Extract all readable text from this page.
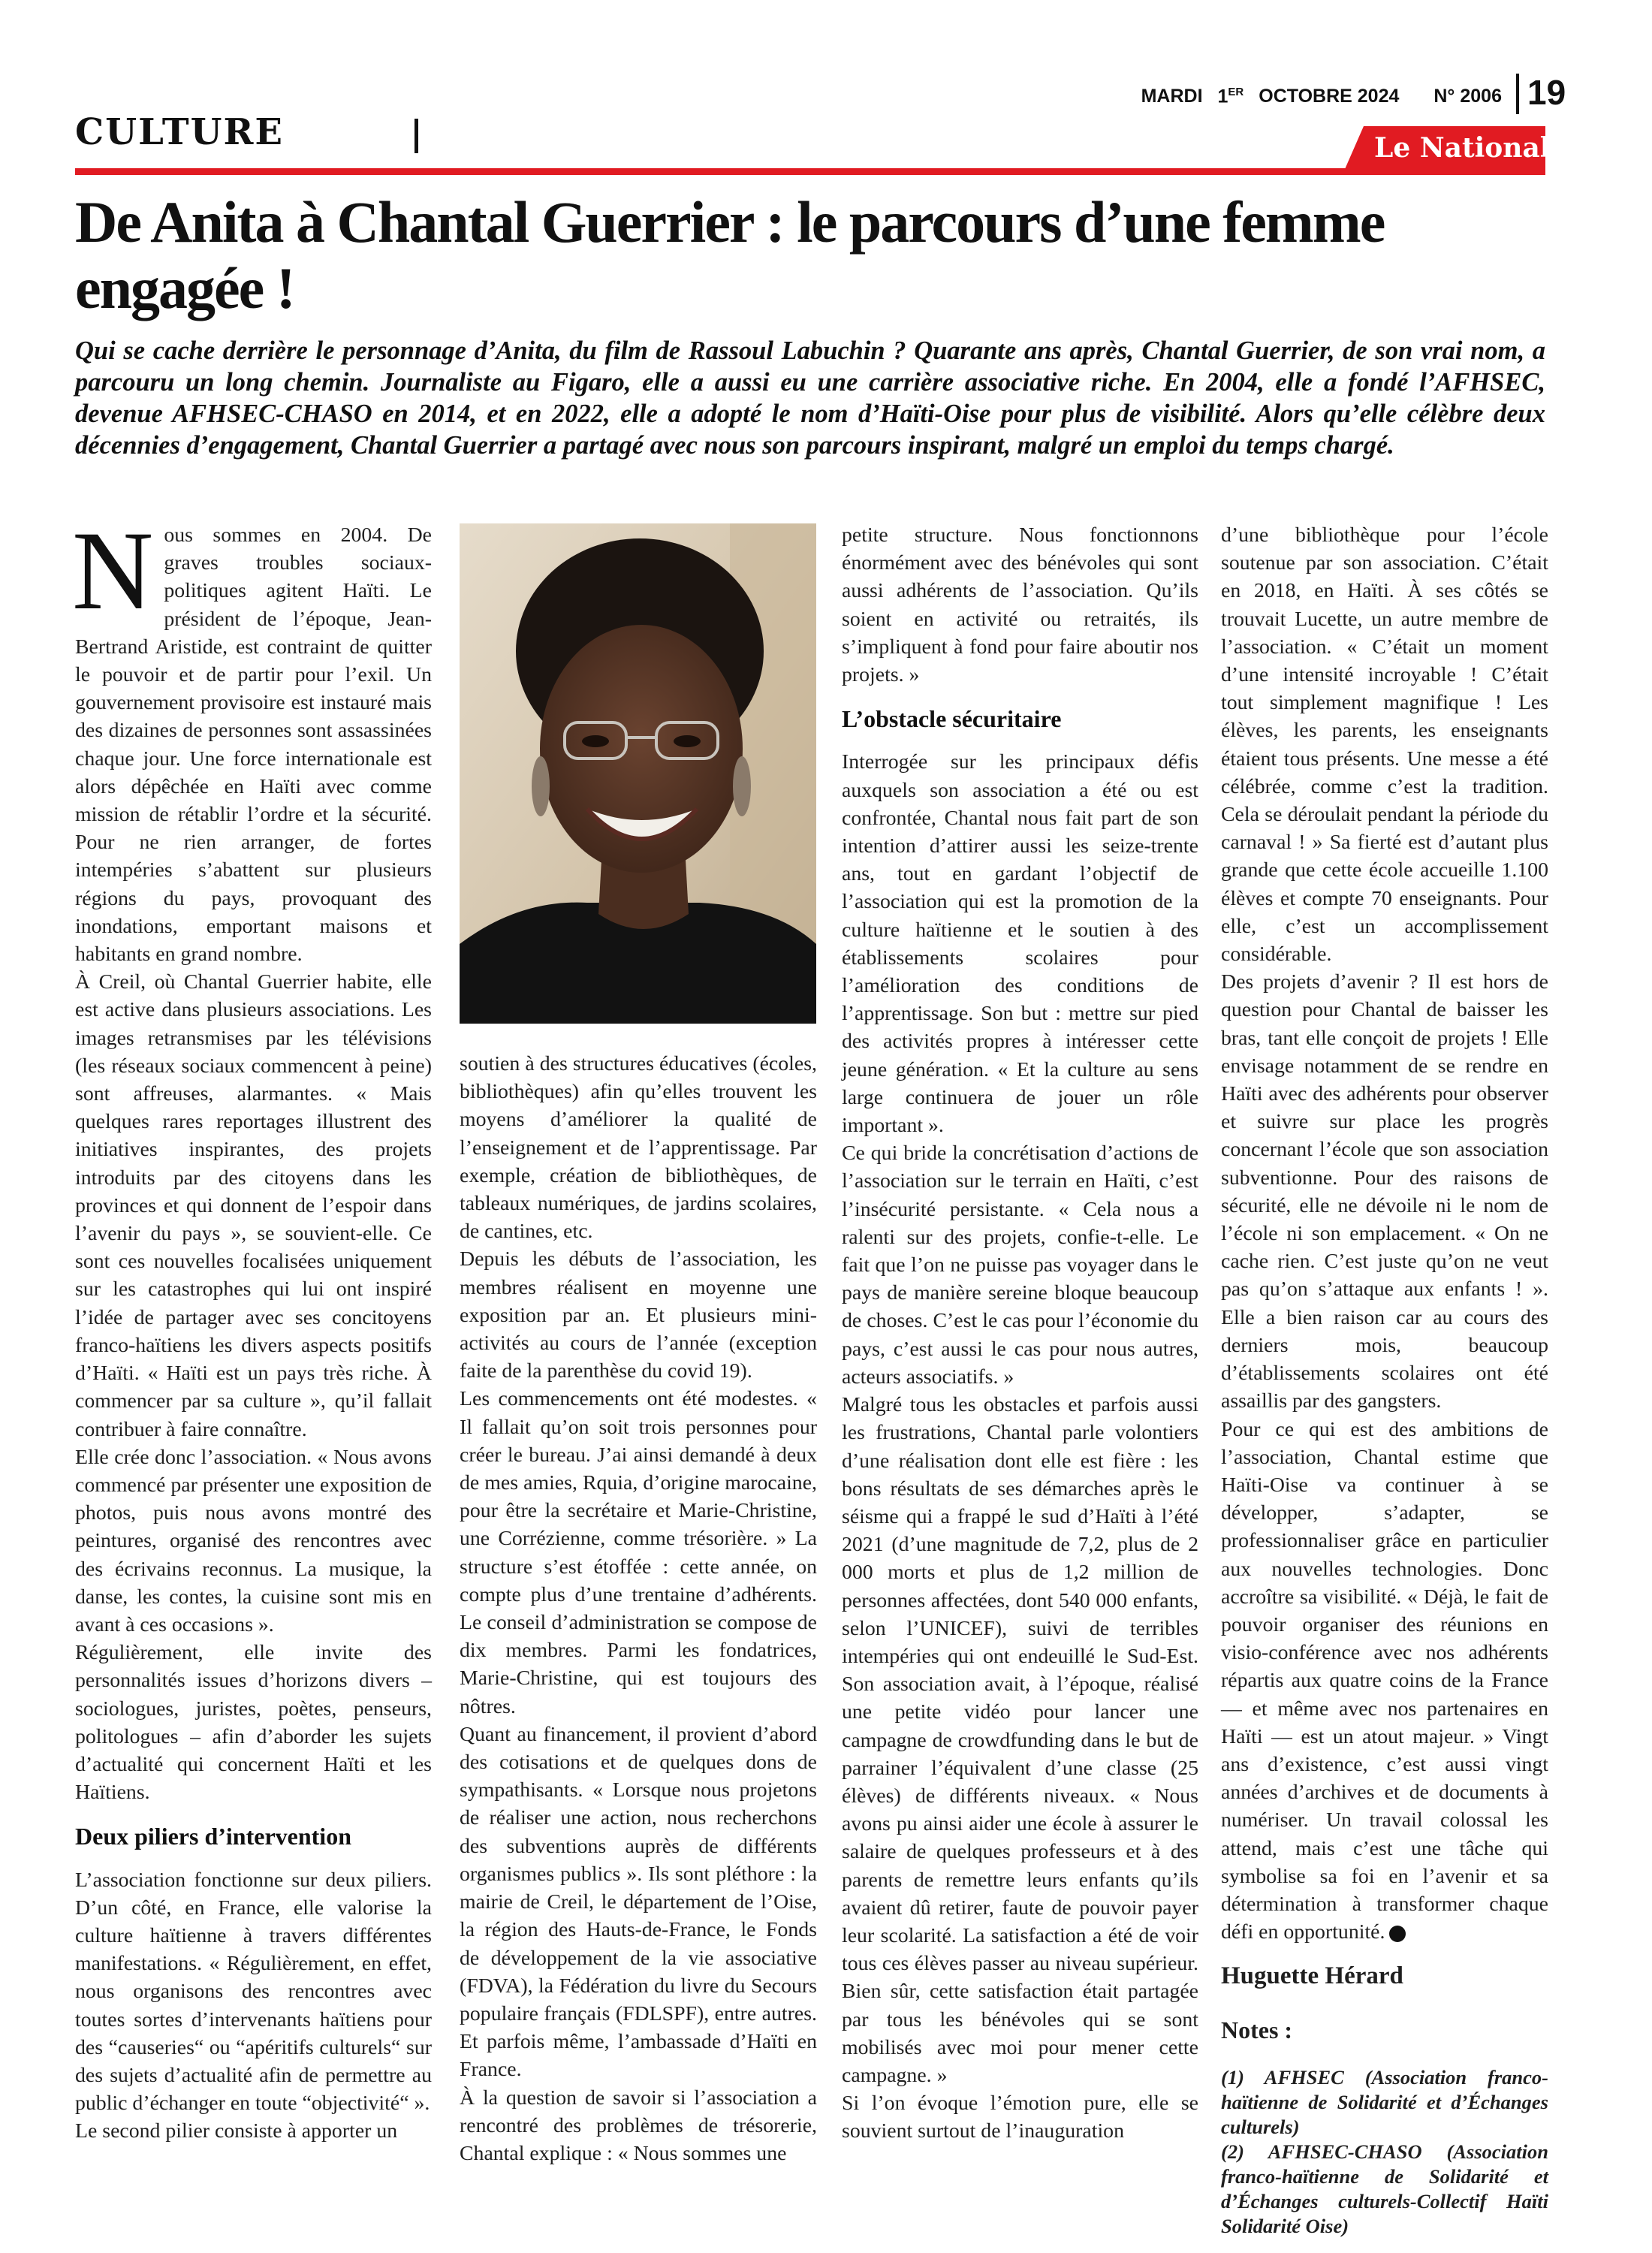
CULTURE
MARDI 1ER OCTOBRE 2024 N° 2006 19
Le National
De Anita à Chantal Guerrier : le parcours d’une femme engagée !
Qui se cache derrière le personnage d’Anita, du film de Rassoul Labuchin ? Quarante ans après, Chantal Guerrier, de son vrai nom, a parcouru un long chemin. Journaliste au Figaro, elle a aussi eu une carrière associative riche. En 2004, elle a fondé l’AFHSEC, devenue AFHSEC-CHASO en 2014, et en 2022, elle a adopté le nom d’Haïti-Oise pour plus de visibilité. Alors qu’elle célèbre deux décennies d’engagement, Chantal Guerrier a partagé avec nous son parcours inspirant, malgré un emploi du temps chargé.

Nous sommes en 2004. De graves troubles sociaux-politiques agitent Haïti. Le président de l’époque, Jean-Bertrand Aristide, est contraint de quitter le pouvoir et de partir pour l’exil. Un gouvernement provisoire est instauré mais des dizaines de personnes sont assassinées chaque jour. Une force internationale est alors dépêchée en Haïti avec comme mission de rétablir l’ordre et la sécurité. Pour ne rien arranger, de fortes intempéries s’abattent sur plusieurs régions du pays, provoquant des inondations, emportant maisons et habitants en grand nombre.

À Creil, où Chantal Guerrier habite, elle est active dans plusieurs associations. Les images retransmises par les télévisions (les réseaux sociaux commencent à peine) sont affreuses, alarmantes. « Mais quelques rares reportages illustrent des initiatives inspirantes, des projets introduits par des citoyens dans les provinces et qui donnent de l’espoir dans l’avenir du pays », se souvient-elle. Ce sont ces nouvelles focalisées uniquement sur les catastrophes qui lui ont inspiré l’idée de partager avec ses concitoyens franco-haïtiens les divers aspects positifs d’Haïti. « Haïti est un pays très riche. À commencer par sa culture », qu’il fallait contribuer à faire connaître.

Elle crée donc l’association. « Nous avons commencé par présenter une exposition de photos, puis nous avons montré des peintures, organisé des rencontres avec des écrivains reconnus. La musique, la danse, les contes, la cuisine sont mis en avant à ces occasions ».

Régulièrement, elle invite des personnalités issues d’horizons divers – sociologues, juristes, poètes, penseurs, politologues – afin d’aborder les sujets d’actualité qui concernent Haïti et les Haïtiens.

Deux piliers d’intervention

L’association fonctionne sur deux piliers. D’un côté, en France, elle valorise la culture haïtienne à travers différentes manifestations. « Régulièrement, en effet, nous organisons des rencontres avec toutes sortes d’intervenants haïtiens pour des “causeries“ ou “apéritifs culturels“ sur des sujets d’actualité afin de permettre au public d’échanger en toute “objectivité“ ».

Le second pilier consiste à apporter un

soutien à des structures éducatives (écoles, bibliothèques) afin qu’elles trouvent les moyens d’améliorer la qualité de l’enseignement et de l’apprentissage. Par exemple, création de bibliothèques, de tableaux numériques, de jardins scolaires, de cantines, etc.

Depuis les débuts de l’association, les membres réalisent en moyenne une exposition par an. Et plusieurs mini-activités au cours de l’année (exception faite de la parenthèse du covid 19).

Les commencements ont été modestes. « Il fallait qu’on soit trois personnes pour créer le bureau. J’ai ainsi demandé à deux de mes amies, Rquia, d’origine marocaine, pour être la secrétaire et Marie-Christine, une Corrézienne, comme trésorière. » La structure s’est étoffée : cette année, on compte plus d’une trentaine d’adhérents. Le conseil d’administration se compose de dix membres. Parmi les fondatrices, Marie-Christine, qui est toujours des nôtres.

Quant au financement, il provient d’abord des cotisations et de quelques dons de sympathisants. « Lorsque nous projetons de réaliser une action, nous recherchons des subventions auprès de différents organismes publics ». Ils sont pléthore : la mairie de Creil, le département de l’Oise, la région des Hauts-de-France, le Fonds de développement de la vie associative (FDVA), la Fédération du livre du Secours populaire français (FDLSPF), entre autres. Et parfois même, l’ambassade d’Haïti en France.

À la question de savoir si l’association a rencontré des problèmes de trésorerie, Chantal explique : « Nous sommes une

petite structure. Nous fonctionnons énormément avec des bénévoles qui sont aussi adhérents de l’association. Qu’ils soient en activité ou retraités, ils s’impliquent à fond pour faire aboutir nos projets. »

L’obstacle sécuritaire

Interrogée sur les principaux défis auxquels son association a été ou est confrontée, Chantal nous fait part de son intention d’attirer aussi les seize-trente ans, tout en gardant l’objectif de l’association qui est la promotion de la culture haïtienne et le soutien à des établissements scolaires pour l’amélioration des conditions de l’apprentissage. Son but : mettre sur pied des activités propres à intéresser cette jeune génération. « Et la culture au sens large continuera de jouer un rôle important ».

Ce qui bride la concrétisation d’actions de l’association sur le terrain en Haïti, c’est l’insécurité persistante. « Cela nous a ralenti sur des projets, confie-t-elle. Le fait que l’on ne puisse pas voyager dans le pays de manière sereine bloque beaucoup de choses. C’est le cas pour l’économie du pays, c’est aussi le cas pour nous autres, acteurs associatifs. »

Malgré tous les obstacles et parfois aussi les frustrations, Chantal parle volontiers d’une réalisation dont elle est fière : les bons résultats de ses démarches après le séisme qui a frappé le sud d’Haïti à l’été 2021 (d’une magnitude de 7,2, plus de 2 000 morts et plus de 1,2 million de personnes affectées, dont 540 000 enfants, selon l’UNICEF), suivi de terribles intempéries qui ont endeuillé le Sud-Est. Son association avait, à l’époque, réalisé une petite vidéo pour lancer une campagne de crowdfunding dans le but de parrainer l’équivalent d’une classe (25 élèves) de différents niveaux. « Nous avons pu ainsi aider une école à assurer le salaire de quelques professeurs et à des parents de remettre leurs enfants qu’ils avaient dû retirer, faute de pouvoir payer leur scolarité. La satisfaction a été de voir tous ces élèves passer au niveau supérieur. Bien sûr, cette satisfaction était partagée par tous les bénévoles qui se sont mobilisés avec moi pour mener cette campagne. »

Si l’on évoque l’émotion pure, elle se souvient surtout de l’inauguration

d’une bibliothèque pour l’école soutenue par son association. C’était en 2018, en Haïti. À ses côtés se trouvait Lucette, un autre membre de l’association. « C’était un moment d’une intensité incroyable ! C’était tout simplement magnifique ! Les élèves, les parents, les enseignants étaient tous présents. Une messe a été célébrée, comme c’est la tradition. Cela se déroulait pendant la période du carnaval ! » Sa fierté est d’autant plus grande que cette école accueille 1.100 élèves et compte 70 enseignants. Pour elle, c’est un accomplissement considérable.

Des projets d’avenir ? Il est hors de question pour Chantal de baisser les bras, tant elle conçoit de projets ! Elle envisage notamment de se rendre en Haïti avec des adhérents pour observer et suivre sur place les progrès concernant l’école que son association subventionne. Pour des raisons de sécurité, elle ne dévoile ni le nom de l’école ni son emplacement. « On ne cache rien. C’est juste qu’on ne veut pas qu’on s’attaque aux enfants ! ». Elle a bien raison car au cours des derniers mois, beaucoup d’établissements scolaires ont été assaillis par des gangsters.

Pour ce qui est des ambitions de l’association, Chantal estime que Haïti-Oise va continuer à se développer, s’adapter, se professionnaliser grâce en particulier aux nouvelles technologies. Donc accroître sa visibilité. « Déjà, le fait de pouvoir organiser des réunions en visio-conférence avec nos adhérents répartis aux quatre coins de la France — et même avec nos partenaires en Haïti — est un atout majeur. » Vingt ans d’existence, c’est aussi vingt années d’archives et de documents à numériser. Un travail colossal les attend, mais c’est une tâche qui symbolise sa foi en l’avenir et sa détermination à transformer chaque défi en opportunité.

Huguette Hérard

Notes :

(1) AFHSEC (Association franco-haïtienne de Solidarité et d’Échanges culturels)

(2) AFHSEC-CHASO (Association franco-haïtienne de Solidarité et d’Échanges culturels-Collectif Haïti Solidarité Oise)
